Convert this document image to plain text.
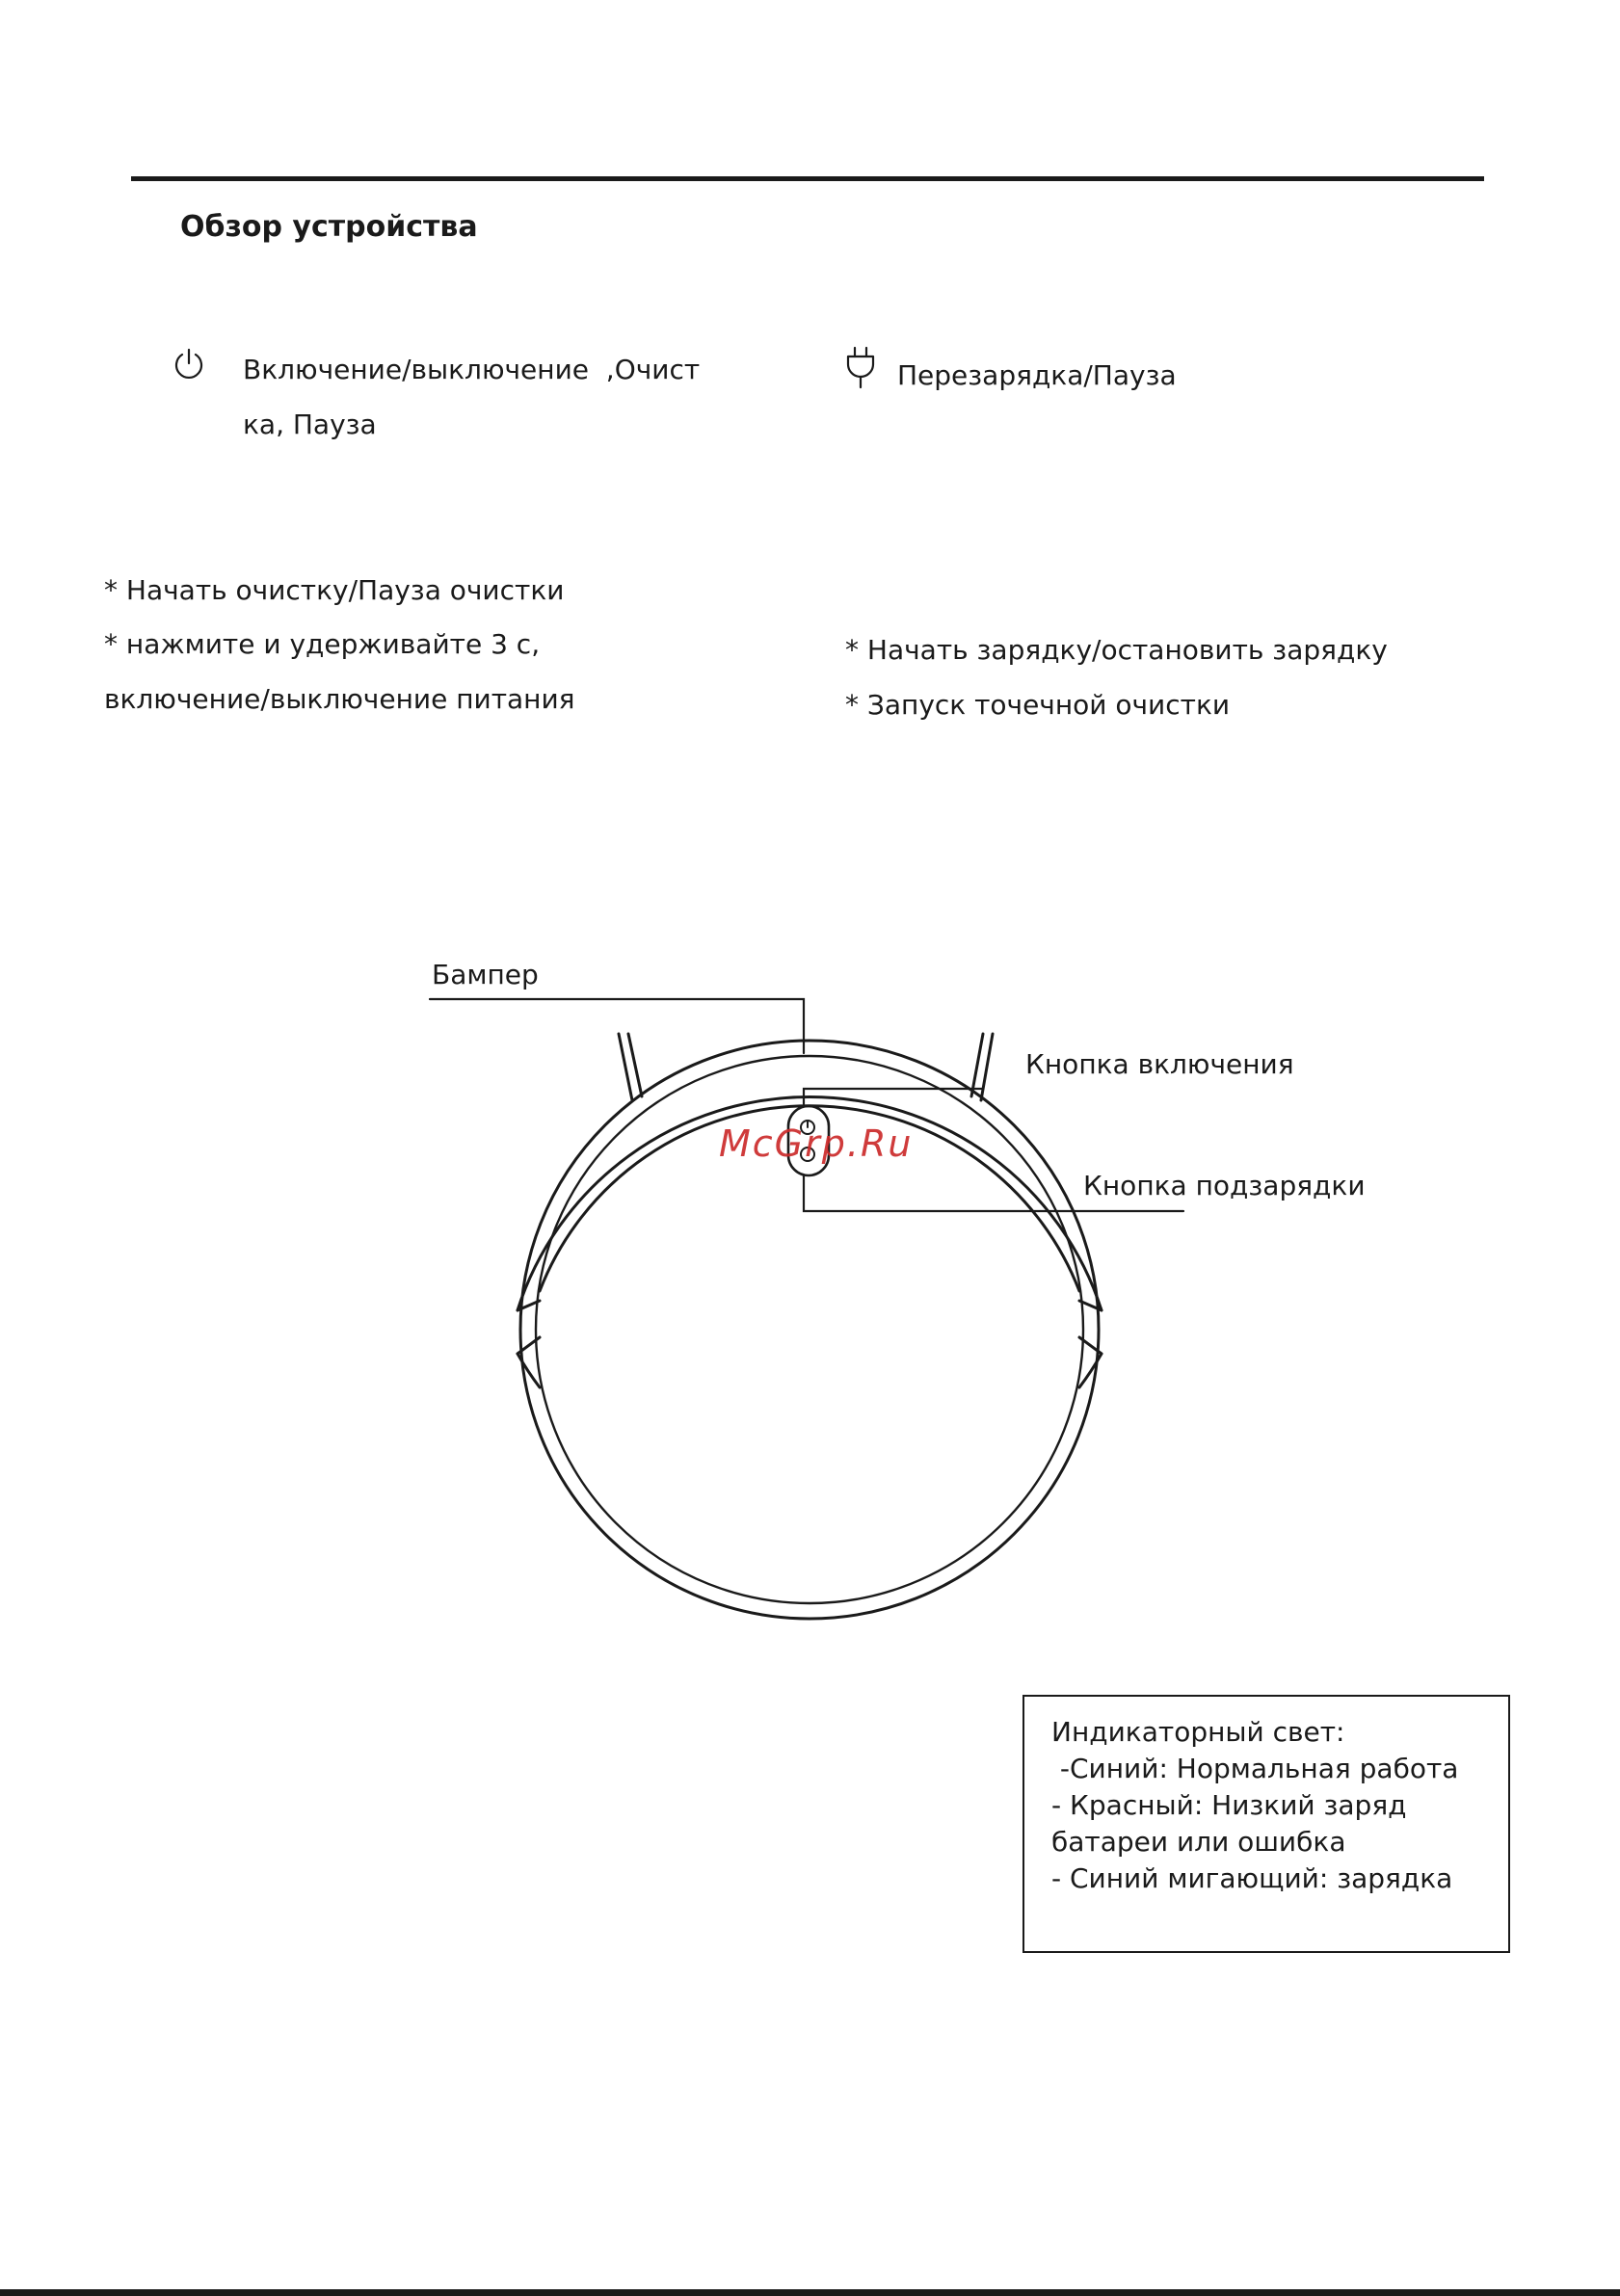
Обзор устройства
Включение/выключение  ,Очист
ка, Пауза
* Начать очистку/Пауза очистки
* нажмите и удерживайте 3 с,
включение/выключение питания
Перезарядка/Пауза
* Начать зарядку/остановить зарядку
* Запуск точечной очистки
Бампер
Кнопка включения
Кнопка подзарядки
McGrp.Ru
Индикаторный свет:
-Синий: Нормальная работа
- Красный: Низкий заряд
батареи или ошибка
- Синий мигающий: зарядка
